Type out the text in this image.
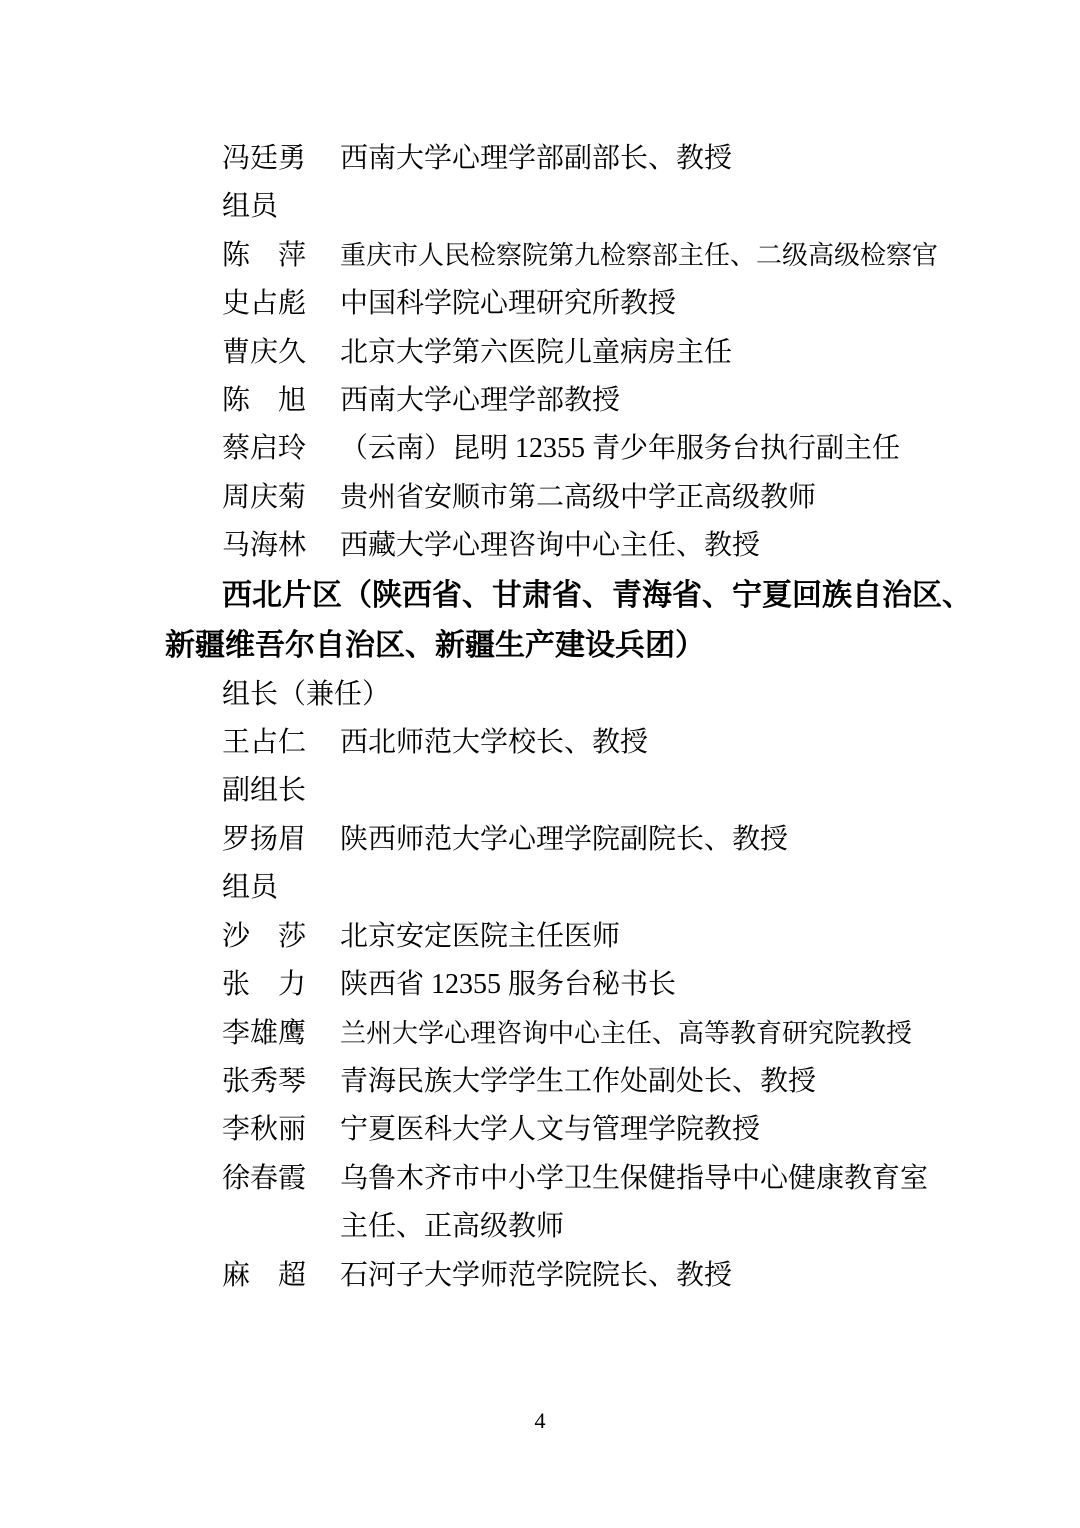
冯廷勇 西南大学心理学部副部长、教授
组员
陈　萍 重庆市人民检察院第九检察部主任、二级高级检察官
史占彪 中国科学院心理研究所教授
曹庆久 北京大学第六医院儿童病房主任
陈　旭 西南大学心理学部教授
蔡启玲 （云南）昆明 12355 青少年服务台执行副主任
周庆菊 贵州省安顺市第二高级中学正高级教师
马海林 西藏大学心理咨询中心主任、教授
西北片区（陕西省、甘肃省、青海省、宁夏回族自治区、
新疆维吾尔自治区、新疆生产建设兵团）
组长（兼任）
王占仁 西北师范大学校长、教授
副组长
罗扬眉 陕西师范大学心理学院副院长、教授
组员
沙　莎 北京安定医院主任医师
张　力 陕西省 12355 服务台秘书长
李雄鹰 兰州大学心理咨询中心主任、高等教育研究院教授
张秀琴 青海民族大学学生工作处副处长、教授
李秋丽 宁夏医科大学人文与管理学院教授
徐春霞 乌鲁木齐市中小学卫生保健指导中心健康教育室
主任、正高级教师
麻　超 石河子大学师范学院院长、教授
4
